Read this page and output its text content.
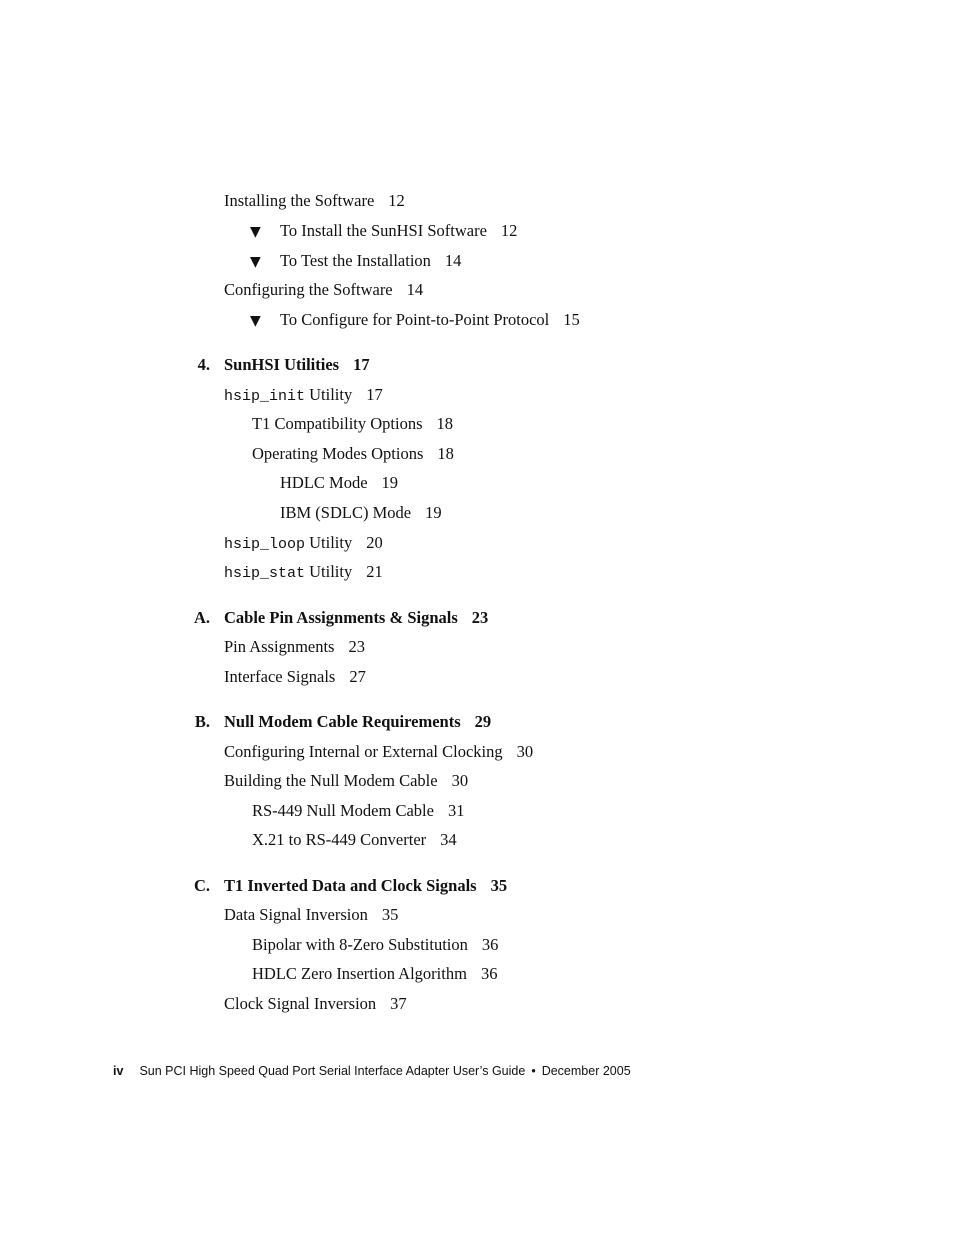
Installing the Software 12
▼ To Install the SunHSI Software 12
▼ To Test the Installation 14
Configuring the Software 14
▼ To Configure for Point-to-Point Protocol 15
4. SunHSI Utilities 17
hsip_init Utility 17
T1 Compatibility Options 18
Operating Modes Options 18
HDLC Mode 19
IBM (SDLC) Mode 19
hsip_loop Utility 20
hsip_stat Utility 21
A. Cable Pin Assignments & Signals 23
Pin Assignments 23
Interface Signals 27
B. Null Modem Cable Requirements 29
Configuring Internal or External Clocking 30
Building the Null Modem Cable 30
RS-449 Null Modem Cable 31
X.21 to RS-449 Converter 34
C. T1 Inverted Data and Clock Signals 35
Data Signal Inversion 35
Bipolar with 8-Zero Substitution 36
HDLC Zero Insertion Algorithm 36
Clock Signal Inversion 37
iv Sun PCI High Speed Quad Port Serial Interface Adapter User’s Guide • December 2005
